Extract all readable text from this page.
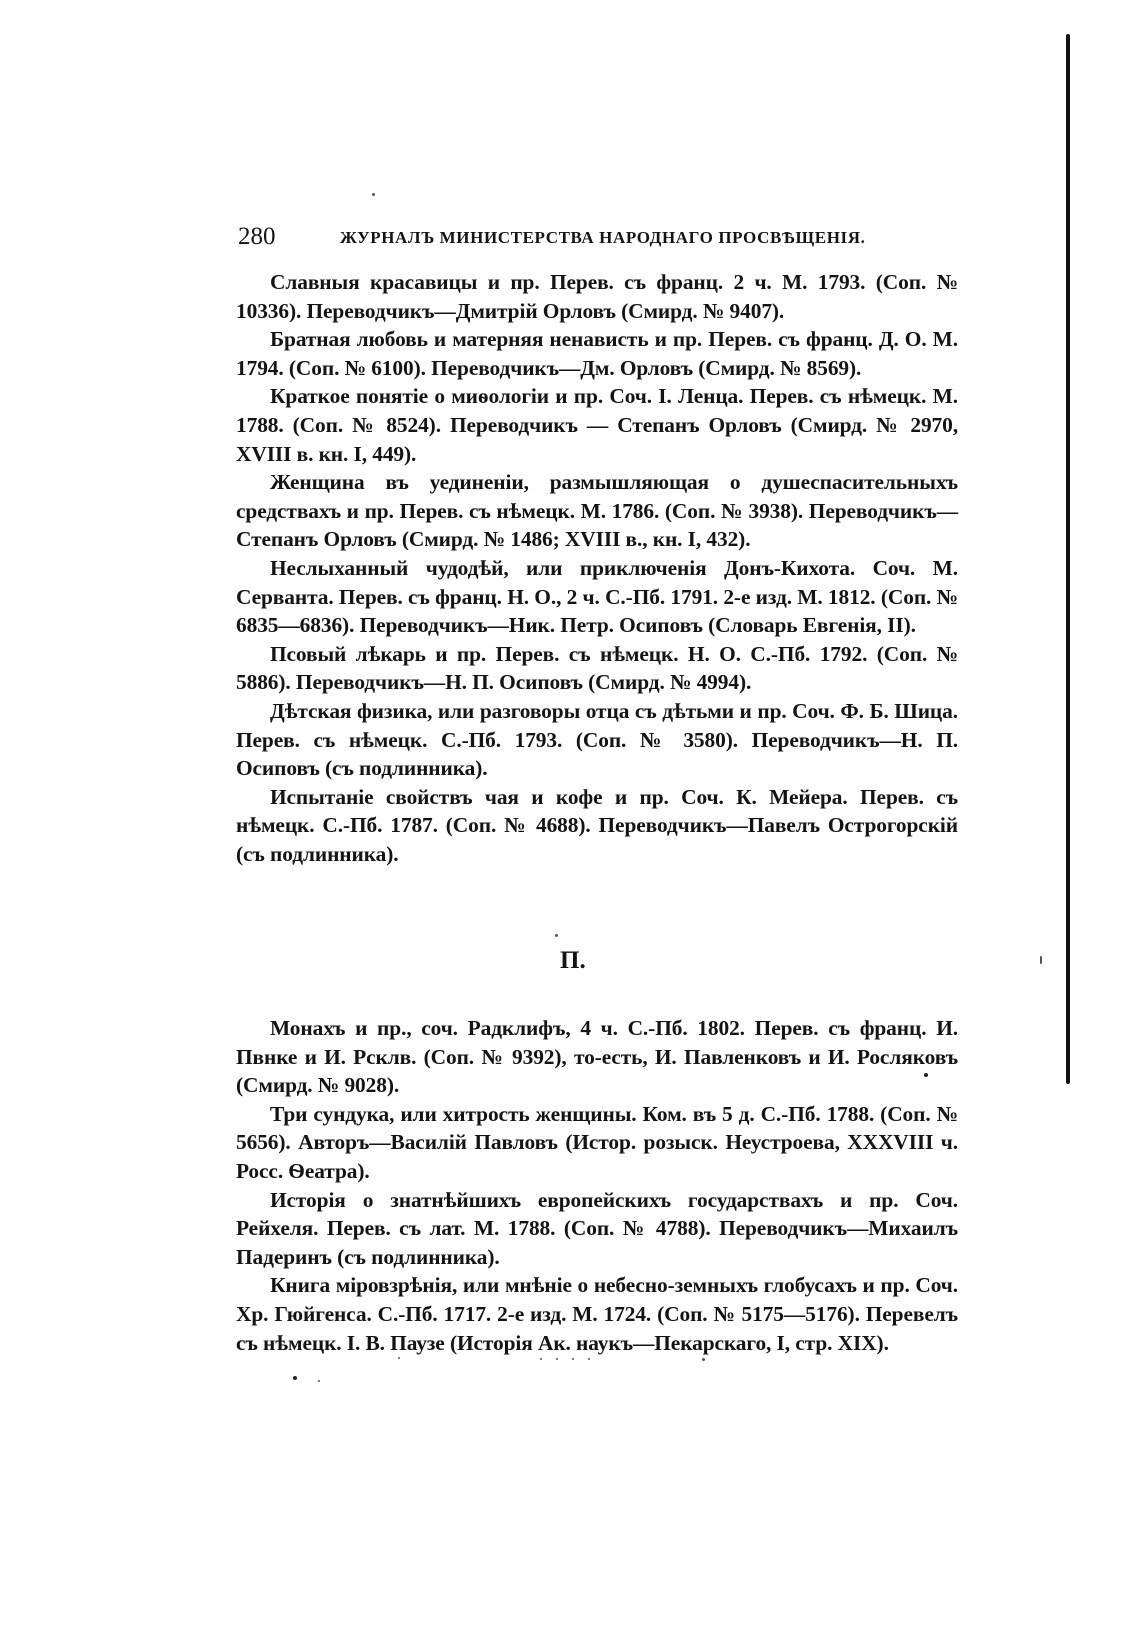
280	ЖУРНАЛЪ МИНИСТЕРСТВА НАРОДНАГО ПРОСВѢЩЕНІЯ.

Славныя красавицы и пр. Перев. съ франц. 2 ч. М. 1793. (Соп. № 10336). Переводчикъ—Дмитрій Орловъ (Смирд. № 9407).

Братная любовь и матерняя ненависть и пр. Перев. съ франц. Д. О. М. 1794. (Соп. № 6100). Переводчикъ—Дм. Орловъ (Смирд. № 8569).

Краткое понятіе о миѳологіи и пр. Соч. І. Ленца. Перев. съ нѣмецк. М. 1788. (Соп. № 8524). Переводчикъ — Степанъ Орловъ (Смирд. № 2970, XVIII в. кн. I, 449).

Женщина въ уединеніи, размышляющая о душеспасительныхъ средствахъ и пр. Перев. съ нѣмецк. М. 1786. (Соп. № 3938). Переводчикъ—Степанъ Орловъ (Смирд. № 1486; XVIII в., кн. I, 432).

Неслыханный чудодѣй, или приключенія Донъ-Кихота. Соч. М. Серванта. Перев. съ франц. Н. О., 2 ч. С.-Пб. 1791. 2-е изд. М. 1812. (Соп. № 6835—6836). Переводчикъ—Ник. Петр. Осиповъ (Словарь Евгенія, II).

Псовый лѣкарь и пр. Перев. съ нѣмецк. Н. О. С.-Пб. 1792. (Соп. № 5886). Переводчикъ—Н. П. Осиповъ (Смирд. № 4994).

Дѣтская физика, или разговоры отца съ дѣтьми и пр. Соч. Ф. Б. Шица. Перев. съ нѣмецк. С.-Пб. 1793. (Соп. № 3580). Переводчикъ—Н. П. Осиповъ (съ подлинника).

Испытаніе свойствъ чая и кофе и пр. Соч. К. Мейера. Перев. съ нѣмецк. С.-Пб. 1787. (Соп. № 4688). Переводчикъ—Павелъ Острогорскій (съ подлинника).

П.

Монахъ и пр., соч. Радклифъ, 4 ч. С.-Пб. 1802. Перев. съ франц. И. Пвнке и И. Рсклв. (Соп. № 9392), то-есть, И. Павленковъ и И. Росляковъ (Смирд. № 9028).

Три сундука, или хитрость женщины. Ком. въ 5 д. С.-Пб. 1788. (Соп. № 5656). Авторъ—Василій Павловъ (Истор. розыск. Неустроева, XXXVIII ч. Росс. Ѳеатра).

Исторія о знатнѣйшихъ европейскихъ государствахъ и пр. Соч. Рейхеля. Перев. съ лат. М. 1788. (Соп. № 4788). Переводчикъ—Михаилъ Падеринъ (съ подлинника).

Книга міровзрѣнія, или мнѣніе о небесно-земныхъ глобусахъ и пр. Соч. Хр. Гюйгенса. С.-Пб. 1717. 2-е изд. М. 1724. (Соп. № 5175—5176). Перевелъ съ нѣмецк. І. В. Паузе (Исторія Ак. наукъ—Пекарскаго, I, стр. XIX).
